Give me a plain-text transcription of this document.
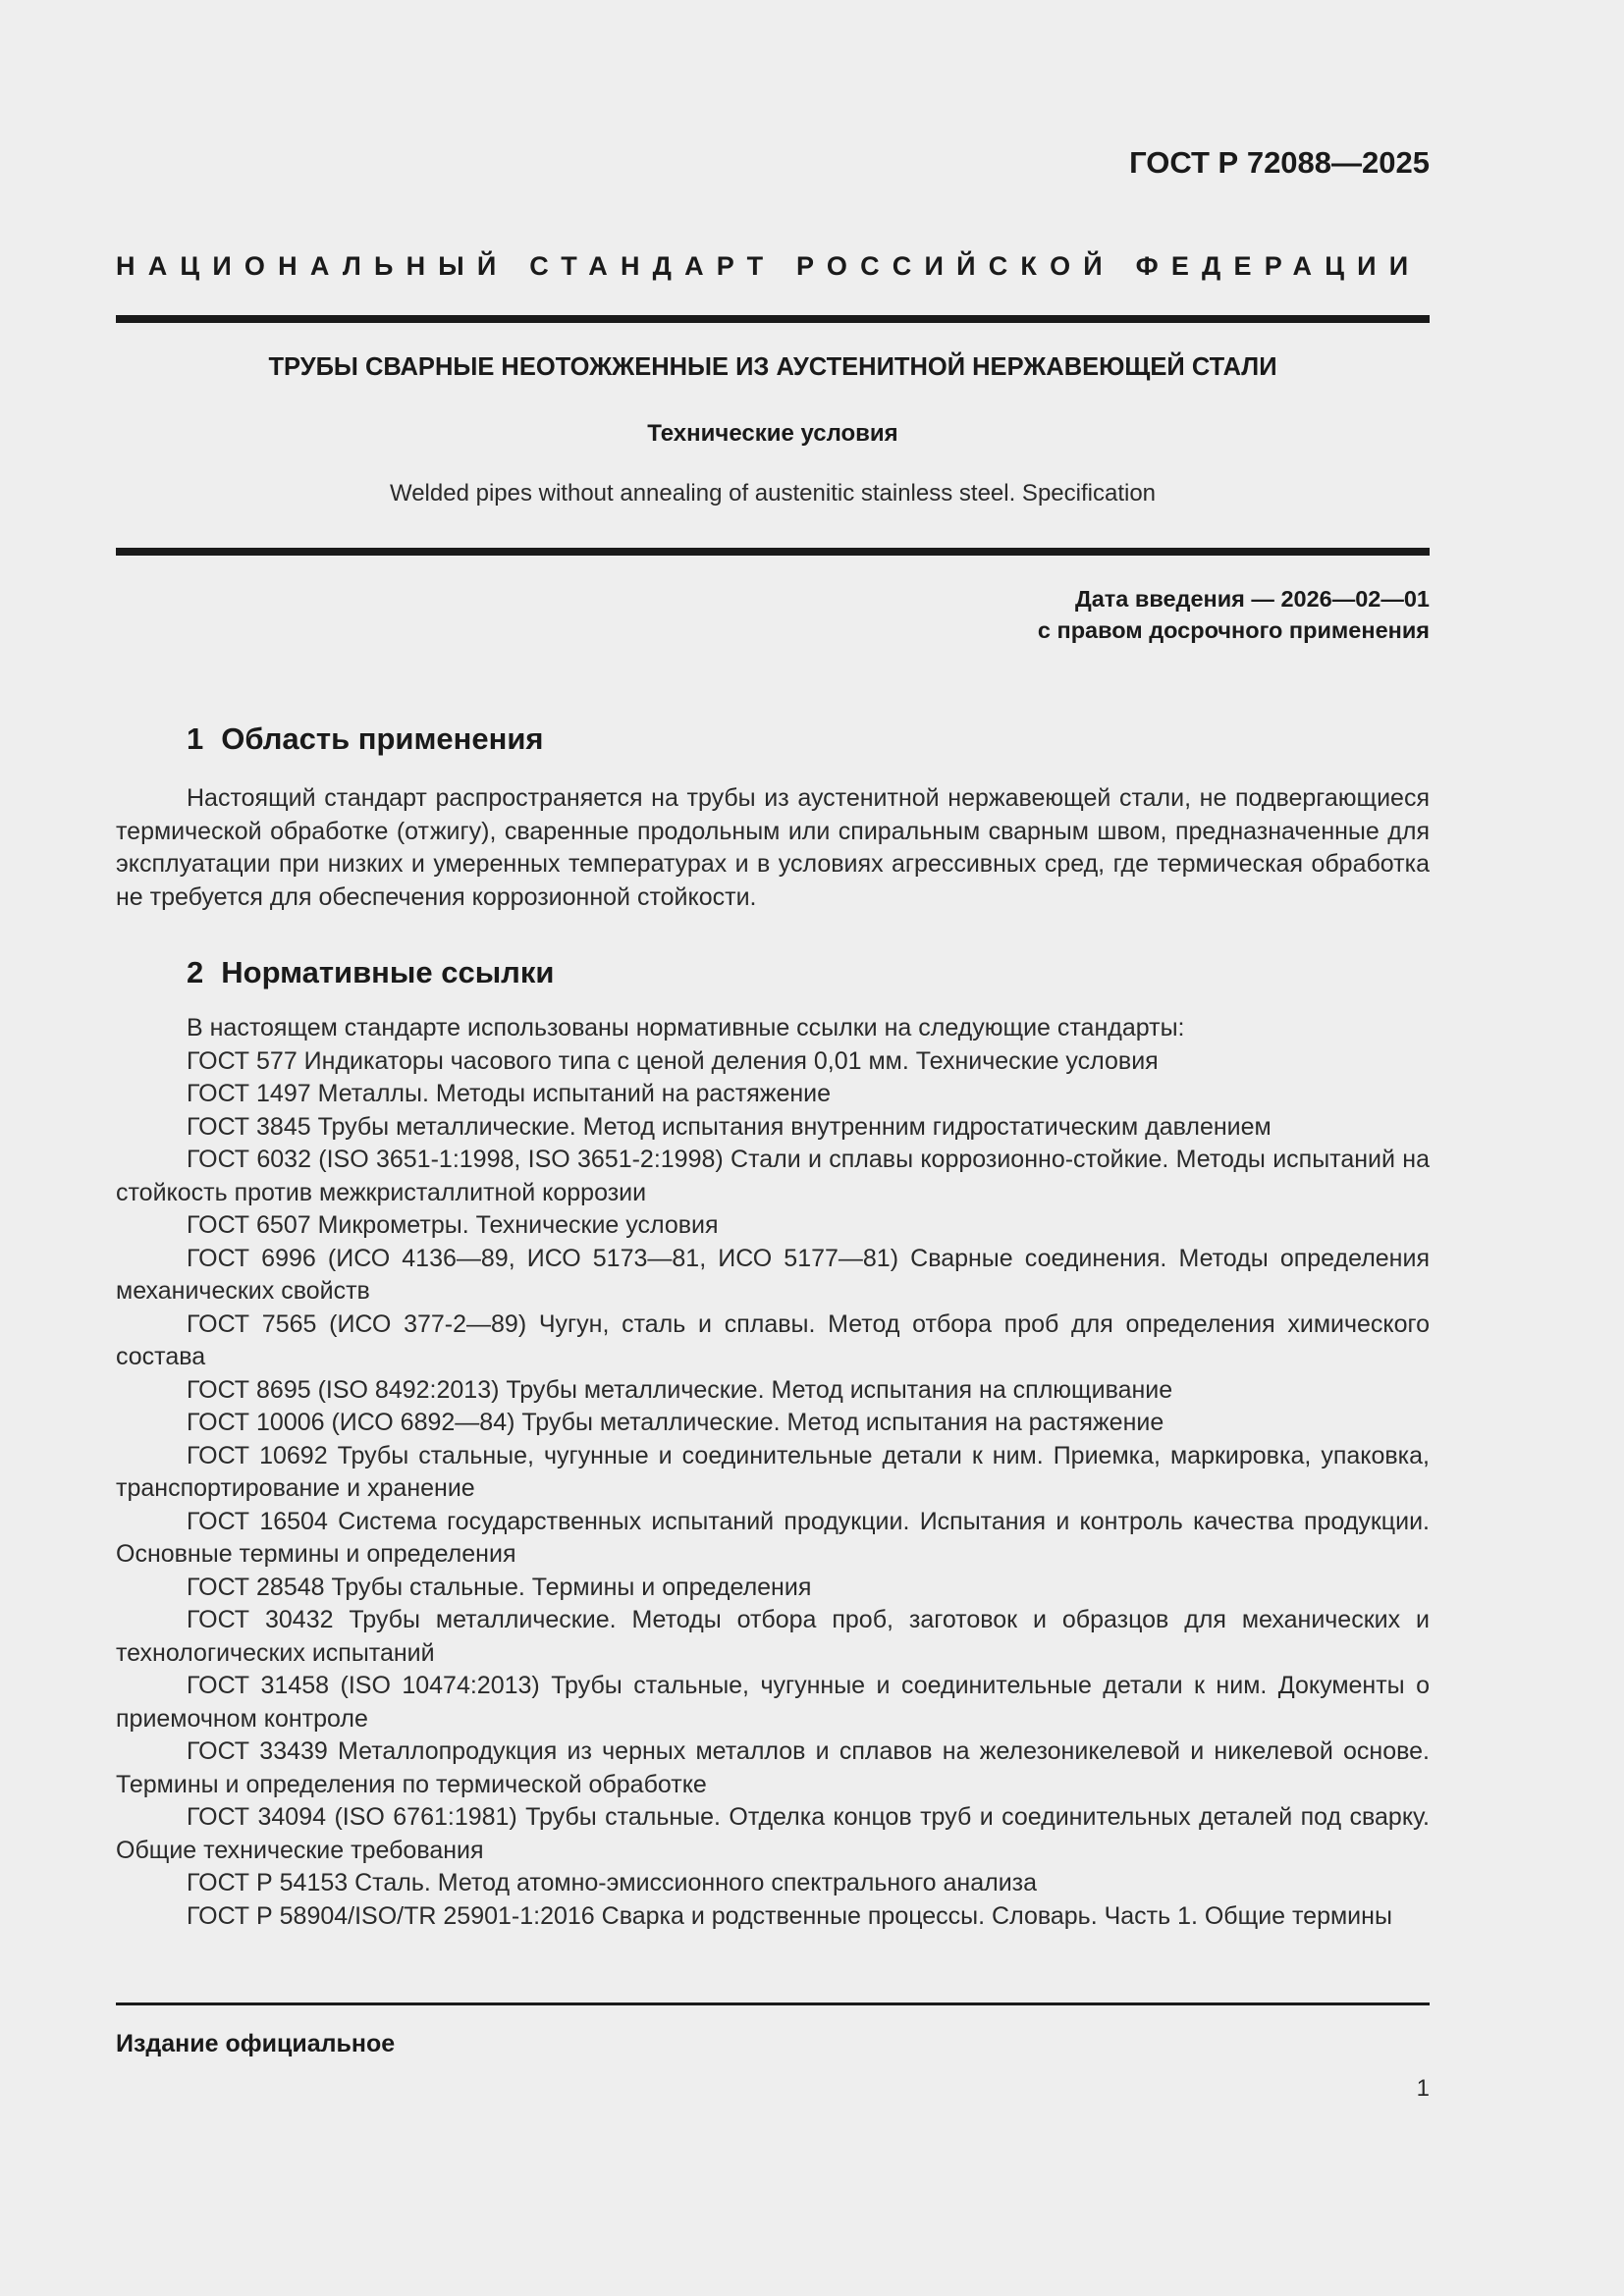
ГОСТ Р 72088—2025
НАЦИОНАЛЬНЫЙ СТАНДАРТ РОССИЙСКОЙ ФЕДЕРАЦИИ
ТРУБЫ СВАРНЫЕ НЕОТОЖЖЕННЫЕ ИЗ АУСТЕНИТНОЙ НЕРЖАВЕЮЩЕЙ СТАЛИ
Технические условия
Welded pipes without annealing of austenitic stainless steel. Specification
Дата введения — 2026—02—01
с правом досрочного применения
1 Область применения

Настоящий стандарт распространяется на трубы из аустенитной нержавеющей стали, не подвергающиеся термической обработке (отжигу), сваренные продольным или спиральным сварным швом, предназначенные для эксплуатации при низких и умеренных температурах и в условиях агрессивных сред, где термическая обработка не требуется для обеспечения коррозионной стойкости.

2 Нормативные ссылки

В настоящем стандарте использованы нормативные ссылки на следующие стандарты:

ГОСТ 577 Индикаторы часового типа с ценой деления 0,01 мм. Технические условия

ГОСТ 1497 Металлы. Методы испытаний на растяжение

ГОСТ 3845 Трубы металлические. Метод испытания внутренним гидростатическим давлением

ГОСТ 6032 (ISO 3651-1:1998, ISO 3651-2:1998) Стали и сплавы коррозионно-стойкие. Методы испытаний на стойкость против межкристаллитной коррозии

ГОСТ 6507 Микрометры. Технические условия

ГОСТ 6996 (ИСО 4136—89, ИСО 5173—81, ИСО 5177—81) Сварные соединения. Методы определения механических свойств

ГОСТ 7565 (ИСО 377-2—89) Чугун, сталь и сплавы. Метод отбора проб для определения химического состава

ГОСТ 8695 (ISO 8492:2013) Трубы металлические. Метод испытания на сплющивание

ГОСТ 10006 (ИСО 6892—84) Трубы металлические. Метод испытания на растяжение

ГОСТ 10692 Трубы стальные, чугунные и соединительные детали к ним. Приемка, маркировка, упаковка, транспортирование и хранение

ГОСТ 16504 Система государственных испытаний продукции. Испытания и контроль качества продукции. Основные термины и определения

ГОСТ 28548 Трубы стальные. Термины и определения

ГОСТ 30432 Трубы металлические. Методы отбора проб, заготовок и образцов для механических и технологических испытаний

ГОСТ 31458 (ISO 10474:2013) Трубы стальные, чугунные и соединительные детали к ним. Документы о приемочном контроле

ГОСТ 33439 Металлопродукция из черных металлов и сплавов на железоникелевой и никелевой основе. Термины и определения по термической обработке

ГОСТ 34094 (ISO 6761:1981) Трубы стальные. Отделка концов труб и соединительных деталей под сварку. Общие технические требования

ГОСТ Р 54153 Сталь. Метод атомно-эмиссионного спектрального анализа

ГОСТ Р 58904/ISO/TR 25901-1:2016 Сварка и родственные процессы. Словарь. Часть 1. Общие термины

Издание официальное
1
